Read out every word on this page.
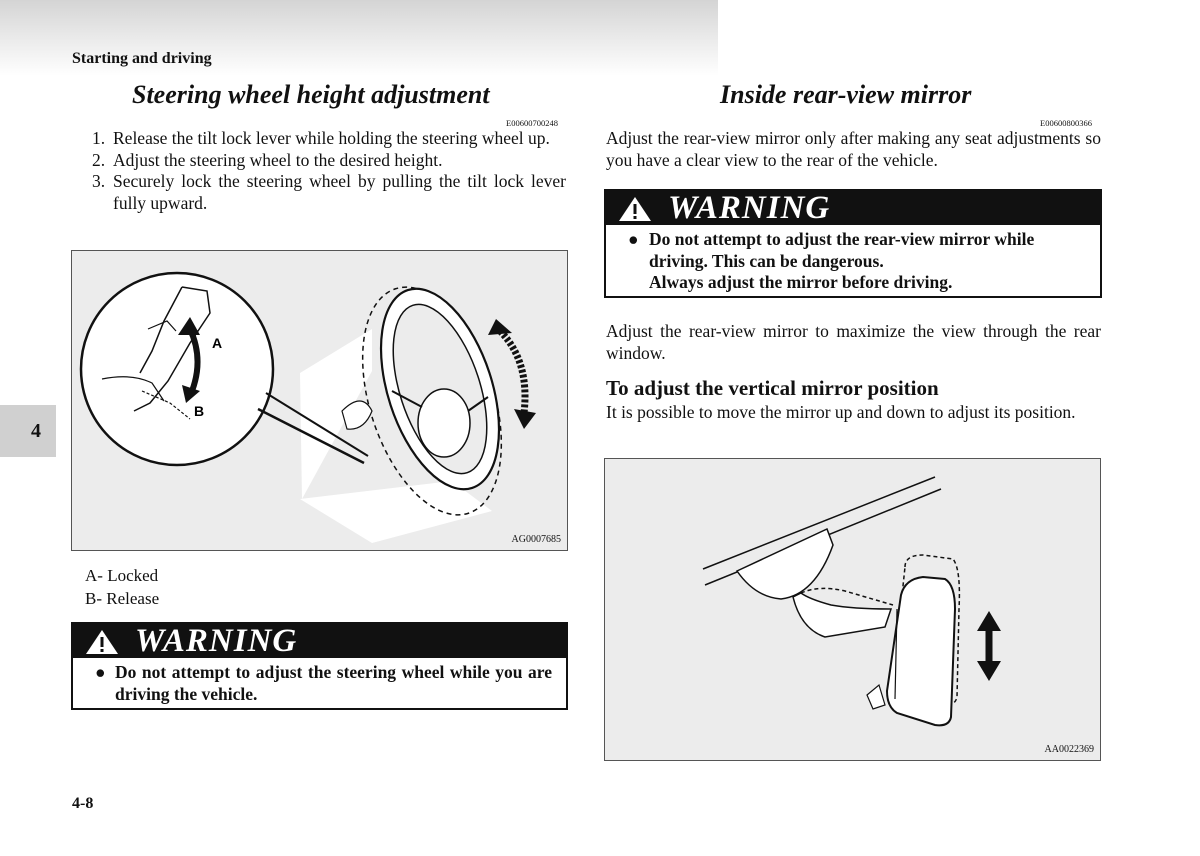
Starting and driving
Steering wheel height adjustment
E00600700248
1. Release the tilt lock lever while holding the steering wheel up.
2. Adjust the steering wheel to the desired height.
3. Securely lock the steering wheel by pulling the tilt lock lever fully upward.
A
B
AG0007685
A- Locked
B- Release
WARNING
● Do not attempt to adjust the steering wheel while you are driving the vehicle.
Inside rear-view mirror
E00600800366
Adjust the rear-view mirror only after making any seat adjustments so you have a clear view to the rear of the vehicle.
WARNING
● Do not attempt to adjust the rear-view mirror while driving. This can be dangerous.
Always adjust the mirror before driving.
Adjust the rear-view mirror to maximize the view through the rear window.
To adjust the vertical mirror position
It is possible to move the mirror up and down to adjust its position.
AA0022369
4
4-8
